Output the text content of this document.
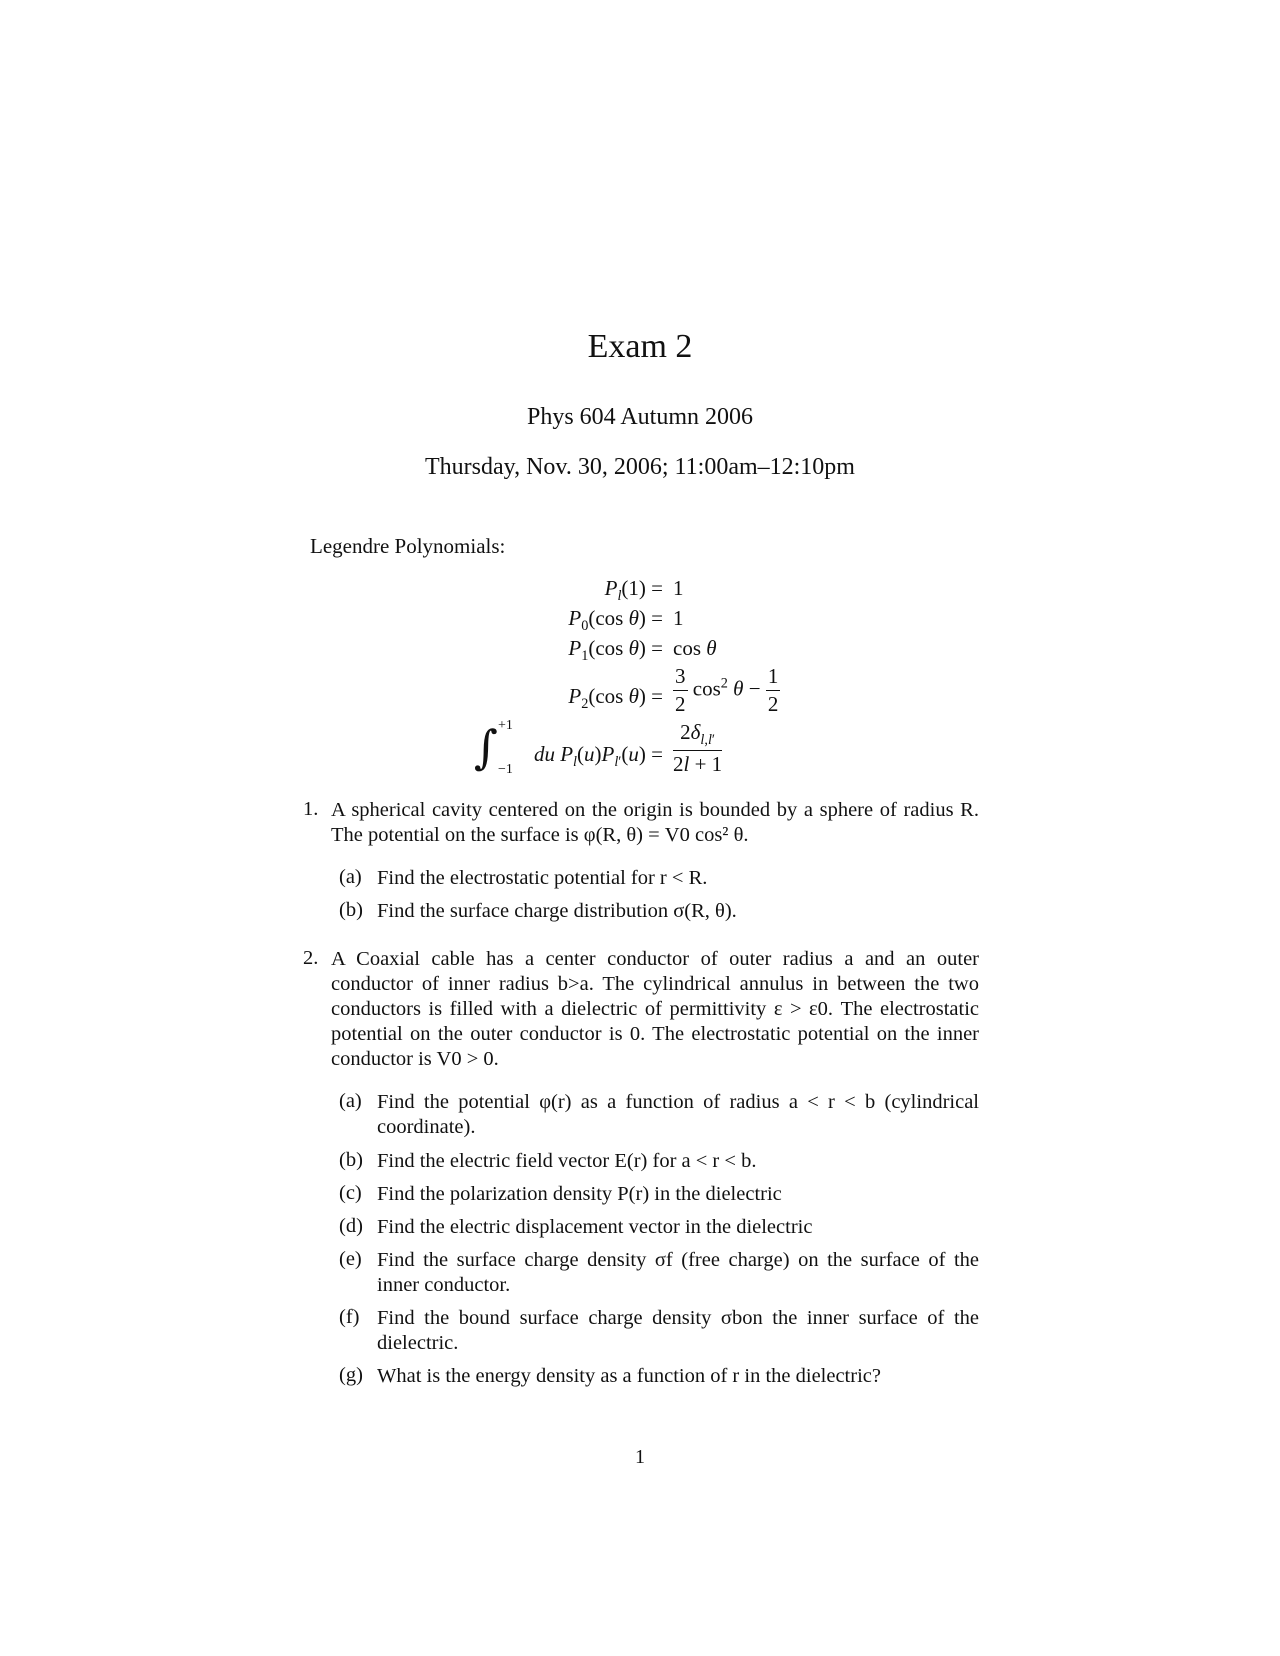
Exam 2
Phys 604 Autumn 2006
Thursday, Nov. 30, 2006; 11:00am–12:10pm
Legendre Polynomials:
$P_l(1) = 1$
$P_0(\cos$ θ) = 1
$P_1(\cos$ θ) = cos θ
$P_2(\cos$ $\theta) = \frac{3}{2} \cos^2 \theta - \frac{1}{2}$
∫ +1
−1
du $P_l(u)P_{l'}(u) = \frac{2\delta_{l,l'}}{2l + 1}$
1. A spherical cavity centered on the origin is bounded by a sphere of radius R. The potential on the surface is φ(R, θ) = V0 cos² θ.
(a) Find the electrostatic potential for r < R.
(b) Find the surface charge distribution σ(R, θ).
2. A Coaxial cable has a center conductor of outer radius a and an outer conductor of inner radius b>a. The cylindrical annulus in between the two conductors is filled with a dielectric of permittivity ε > ε0. The electrostatic potential on the outer conductor is 0. The electrostatic potential on the inner conductor is V0 > 0.
(a) Find the potential φ(r) as a function of radius a < r < b (cylindrical coordinate).
(b) Find the electric field vector E(r) for a < r < b.
(c) Find the polarization density P(r) in the dielectric
(d) Find the electric displacement vector in the dielectric
(e) Find the surface charge density σf (free charge) on the surface of the inner conductor.
(f) Find the bound surface charge density σbon the inner surface of the dielectric.
(g) What is the energy density as a function of r in the dielectric?
1
